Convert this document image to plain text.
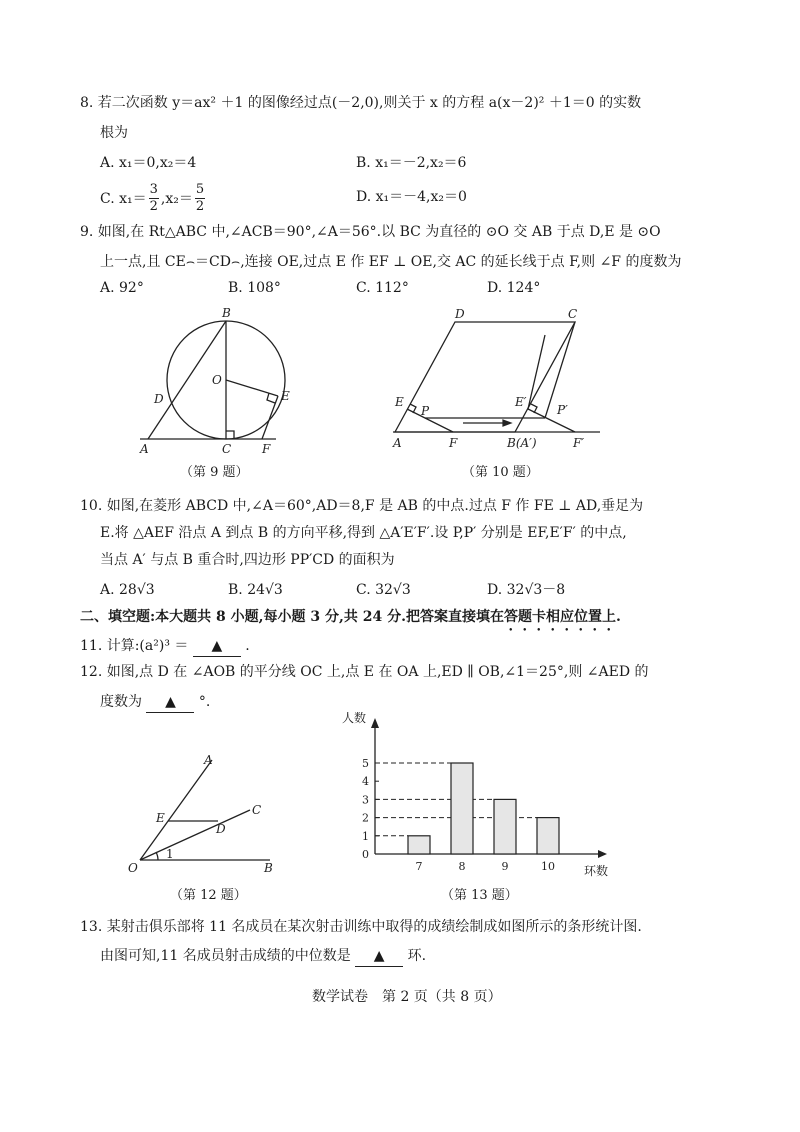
8. 若二次函数 y＝ax² ＋1 的图像经过点(－2,0),则关于 x 的方程 a(x－2)² ＋1＝0 的实数
根为
A. x₁＝0,x₂＝4	B. x₁＝－2,x₂＝6
C. $x_1= \frac{3}{2} ,x_2= \frac{5}{2}$	D. x₁＝－4,x₂＝0
9. 如图,在 Rt△ABC 中,∠ACB＝90°,∠A＝56°.以 BC 为直径的 ⊙O 交 AB 于点 D,E 是 ⊙O
上一点,且 CE⌢＝CD⌢,连接 OE,过点 E 作 EF ⊥ OE,交 AC 的延长线于点 F,则 ∠F 的度数为
A. 92°	B. 108°	C. 112°	D. 124°
B
O
D	E
A	C	F
（第 9 题）
D	C
E	E′
P	P′
A	F	B(A′)	F′
（第 10 题）
10. 如图,在菱形 ABCD 中,∠A＝60°,AD＝8,F 是 AB 的中点.过点 F 作 FE ⊥ AD,垂足为
E.将 △AEF 沿点 A 到点 B 的方向平移,得到 △A′E′F′.设 P,P′ 分别是 EF,E′F′ 的中点,
当点 A′ 与点 B 重合时,四边形 PP′CD 的面积为
A. 28√3	B. 24√3	C. 32√3	D. 32√3－8
二、填空题:本大题共 8 小题,每小题 3 分,共 24 分.把答案直接填在答题卡相应位置上.
11. 计算:(a²)³ ＝ ▲ .
12. 如图,点 D 在 ∠AOB 的平分线 OC 上,点 E 在 OA 上,ED ∥ OB,∠1＝25°,则 ∠AED 的
度数为 ▲ °.
A
C
E
D
O	B
1
（第 12 题）
0
1
2
3
4
5
7	8	9	10
人数
环数
（第 13 题）
13. 某射击俱乐部将 11 名成员在某次射击训练中取得的成绩绘制成如图所示的条形统计图.
由图可知,11 名成员射击成绩的中位数是 ▲ 环.
数学试卷　第 2 页（共 8 页）
